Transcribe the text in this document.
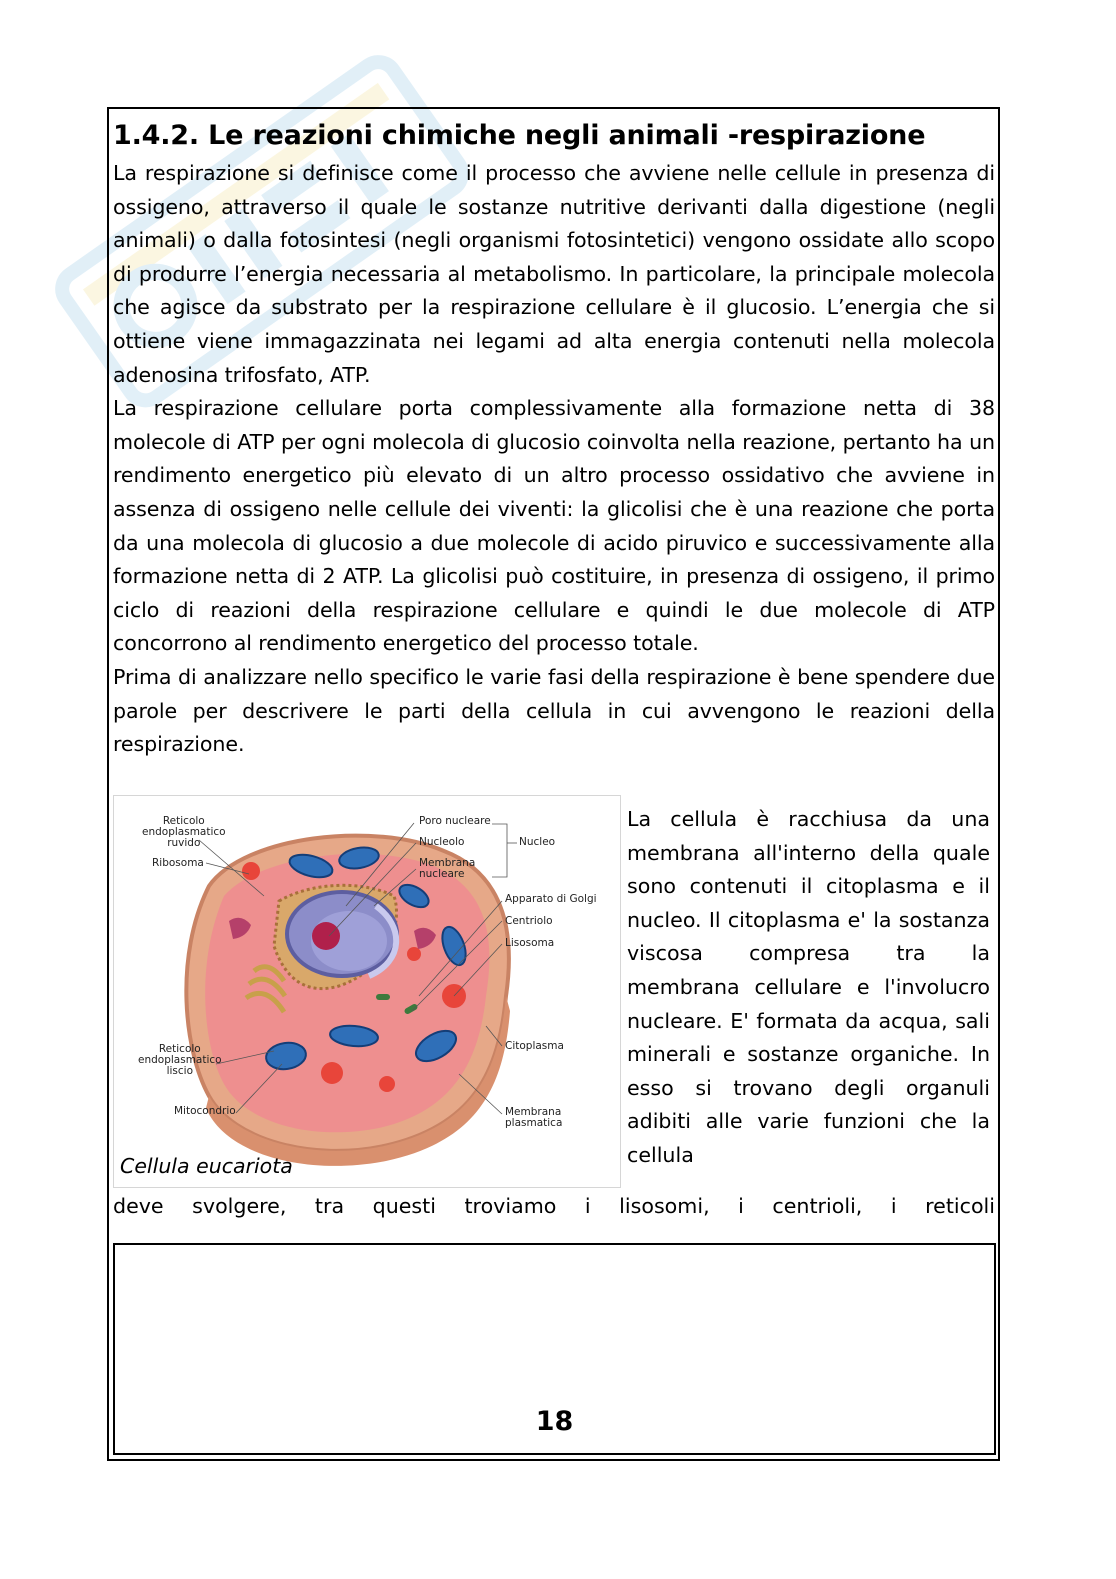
1.4.2. Le reazioni chimiche negli animali -respirazione

La respirazione si definisce come il processo che avviene nelle cellule in presenza di ossigeno, attraverso il quale le sostanze nutritive derivanti dalla digestione (negli animali) o dalla fotosintesi (negli organismi fotosintetici) vengono ossidate allo scopo di produrre l’energia necessaria al metabolismo. In particolare, la principale molecola che agisce da substrato per la respirazione cellulare è il glucosio. L’energia che si ottiene viene immagazzinata nei legami ad alta energia contenuti nella molecola adenosina trifosfato, ATP.

La respirazione cellulare porta complessivamente alla formazione netta di 38 molecole di ATP per ogni molecola di glucosio coinvolta nella reazione, pertanto ha un rendimento energetico più elevato di un altro processo ossidativo che avviene in assenza di ossigeno nelle cellule dei viventi: la glicolisi che è una reazione che porta da una molecola di glucosio a due molecole di acido piruvico e successivamente alla formazione netta di 2 ATP. La glicolisi può costituire, in presenza di ossigeno, il primo ciclo di reazioni della respirazione cellulare e quindi le due molecole di ATP concorrono al rendimento energetico del processo totale.

Prima di analizzare nello specifico le varie fasi della respirazione è bene spendere due parole per descrivere le parti della cellula in cui avvengono le reazioni della respirazione.

Reticolo
endoplasmatico
ruvido
Ribosoma
Poro nucleare
Nucleolo
Membrana
nucleare
Nucleo
Apparato di Golgi
Centriolo
Lisosoma
Reticolo
endoplasmatico
liscio
Citoplasma
Mitocondrio	Membrana
plasmatica
Cellula eucariota

La cellula è racchiusa da una membrana all'interno della quale sono contenuti il citoplasma e il nucleo. Il citoplasma e' la sostanza viscosa compresa tra la membrana cellulare e l'involucro nucleare. E' formata da acqua, sali minerali e sostanze organiche. In esso si trovano degli organuli adibiti alle varie funzioni che la cellula

deve svolgere, tra questi troviamo i lisosomi, i centrioli, i reticoli

18
